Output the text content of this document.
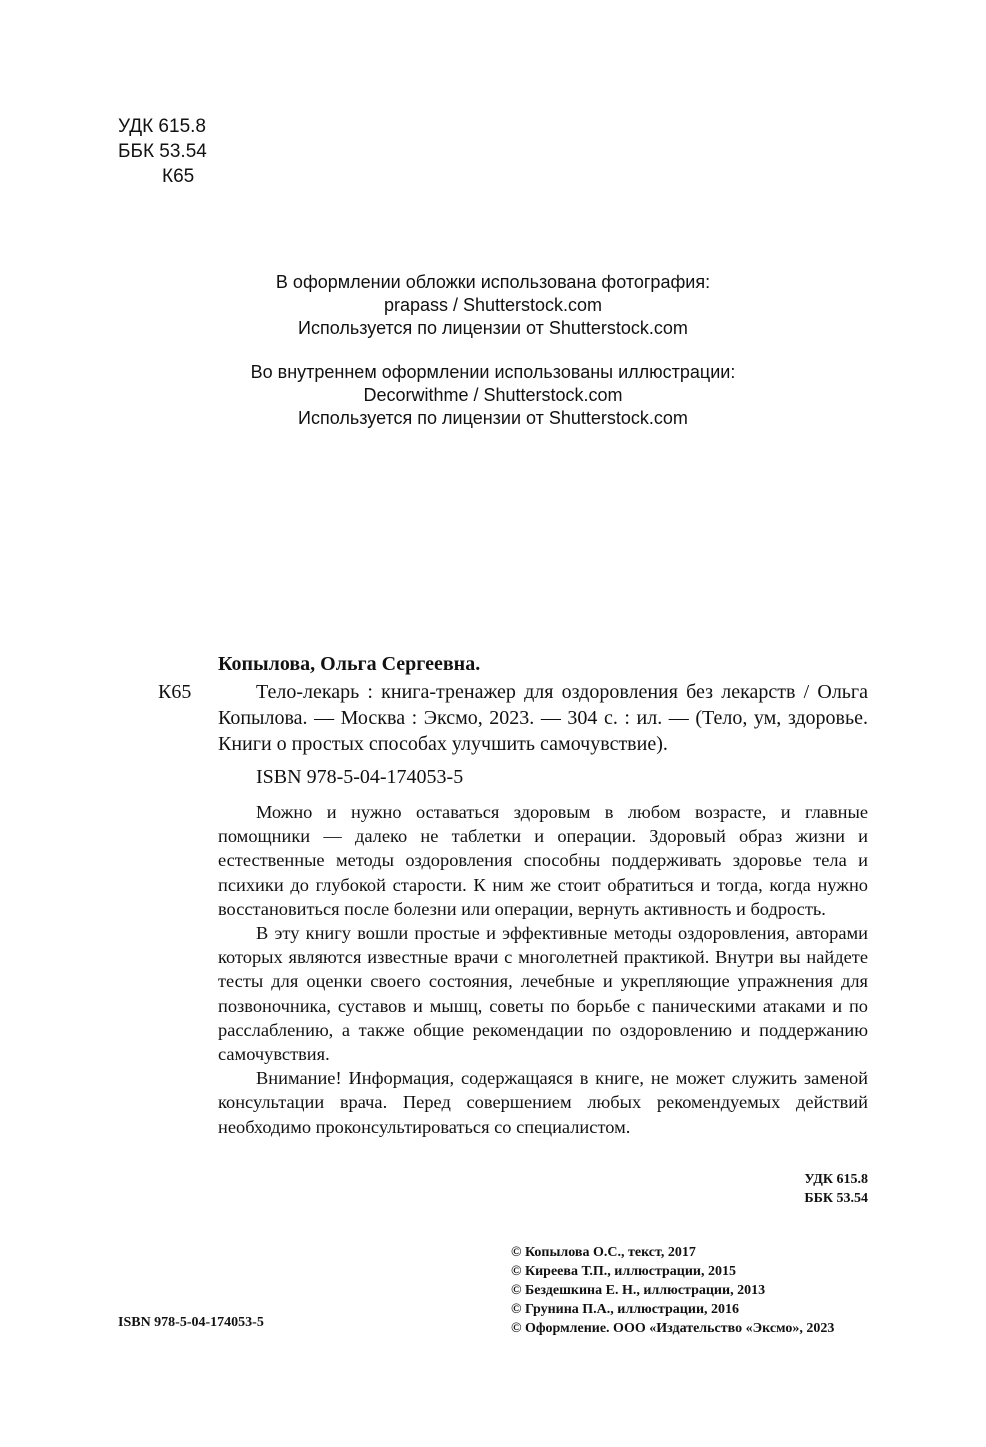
УДК 615.8
ББК 53.54
К65
В оформлении обложки использована фотография:
prapass / Shutterstock.com
Используется по лицензии от Shutterstock.com
Во внутреннем оформлении использованы иллюстрации:
Decorwithme / Shutterstock.com
Используется по лицензии от Shutterstock.com
Копылова, Ольга Сергеевна.
К65	Тело-лекарь : книга-тренажер для оздоровления без лекарств / Ольга Копылова. — Москва : Эксмо, 2023. — 304 с. : ил. — (Тело, ум, здоровье. Книги о простых способах улучшить самочувствие).

ISBN 978-5-04-174053-5

Можно и нужно оставаться здоровым в любом возрасте, и главные помощники — далеко не таблетки и операции. Здоровый образ жизни и естественные методы оздоровления способны поддерживать здоровье тела и психики до глубокой старости. К ним же стоит обратиться и тогда, когда нужно восстановиться после болезни или операции, вернуть активность и бодрость.

В эту книгу вошли простые и эффективные методы оздоровления, авторами которых являются известные врачи с многолетней практикой. Внутри вы найдете тесты для оценки своего состояния, лечебные и укрепляющие упражнения для позвоночника, суставов и мышц, советы по борьбе с паническими атаками и по расслаблению, а также общие рекомендации по оздоровлению и поддержанию самочувствия.

Внимание! Информация, содержащаяся в книге, не может служить заменой консультации врача. Перед совершением любых рекомендуемых действий необходимо проконсультироваться со специалистом.

УДК 615.8
ББК 53.54
© Копылова О.С., текст, 2017
© Киреева Т.П., иллюстрации, 2015
© Бездешкина Е. Н., иллюстрации, 2013
© Грунина П.А., иллюстрации, 2016
© Оформление. ООО «Издательство «Эксмо», 2023
ISBN 978-5-04-174053-5
